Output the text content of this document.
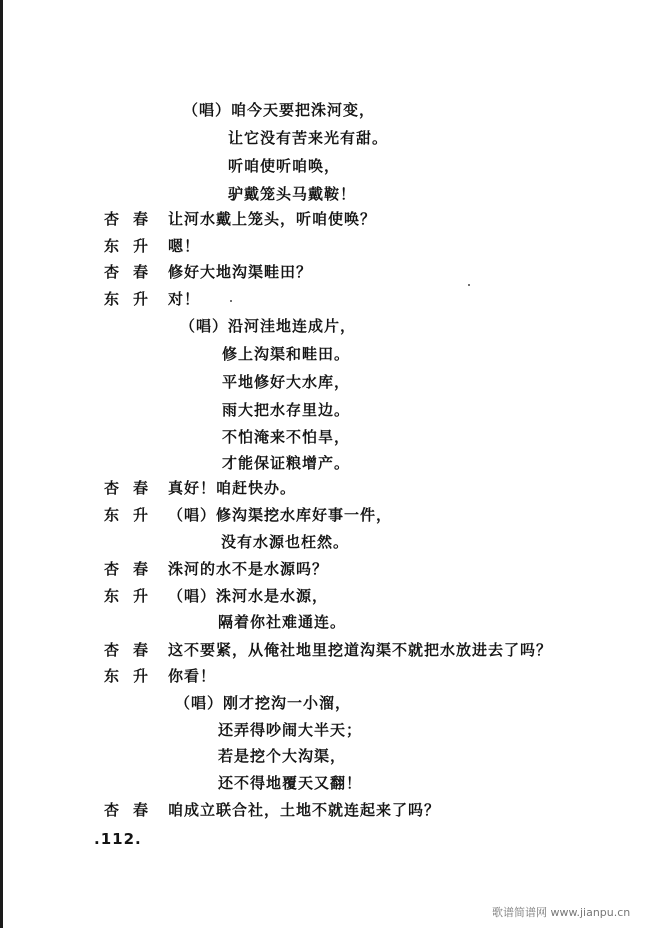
（唱）咱今天要把洙河变，
让它没有苦来光有甜。
听咱使听咱唤，
驴戴笼头马戴鞍！
杏春 让河水戴上笼头，听咱使唤？
东升 嗯！
杏春 修好大地沟渠畦田？
东升 对！
（唱）沿河洼地连成片，
修上沟渠和畦田。
平地修好大水库，
雨大把水存里边。
不怕淹来不怕旱，
才能保证粮增产。
杏春 真好！咱赶快办。
东升 （唱）修沟渠挖水库好事一件，
没有水源也枉然。
杏春 洙河的水不是水源吗？
东升 （唱）洙河水是水源，
隔着你社难通连。
杏春 这不要紧，从俺社地里挖道沟渠不就把水放进去了吗？
东升 你看！
（唱）刚才挖沟一小溜，
还弄得吵闹大半天；
若是挖个大沟渠，
还不得地覆天又翻！
杏春 咱成立联合社，土地不就连起来了吗？
.112.
歌谱简谱网 www.jianpu.cn
